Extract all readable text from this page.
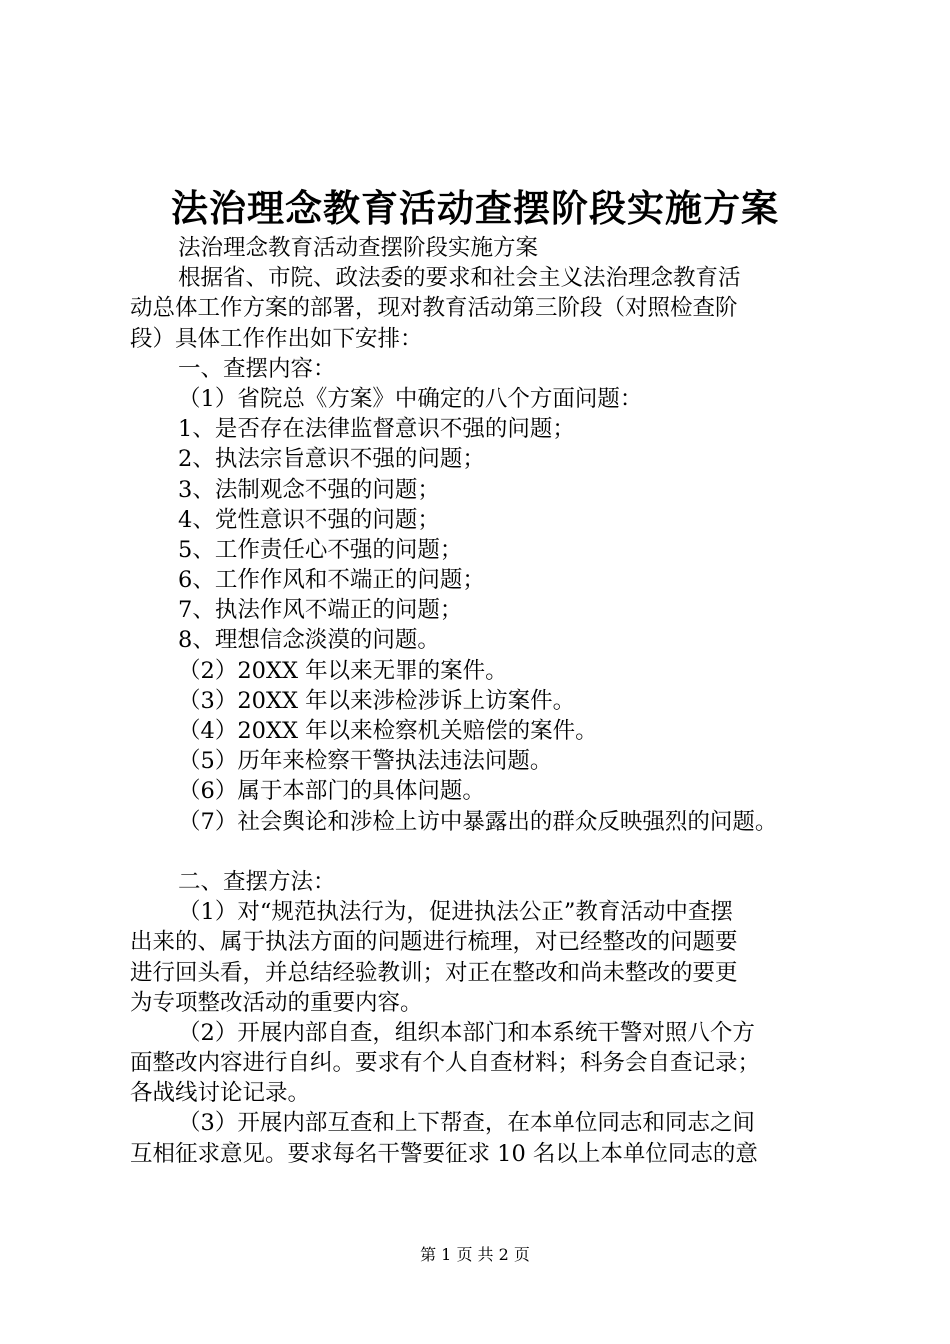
法治理念教育活动查摆阶段实施方案
法治理念教育活动查摆阶段实施方案
根据省、市院、政法委的要求和社会主义法治理念教育活
动总体工作方案的部署，现对教育活动第三阶段（对照检查阶
段）具体工作作出如下安排：
一、查摆内容：
（1）省院总《方案》中确定的八个方面问题：
1、是否存在法律监督意识不强的问题；
2、执法宗旨意识不强的问题；
3、法制观念不强的问题；
4、党性意识不强的问题；
5、工作责任心不强的问题；
6、工作作风和不端正的问题；
7、执法作风不端正的问题；
8、理想信念淡漠的问题。
（2）20XX 年以来无罪的案件。
（3）20XX 年以来涉检涉诉上访案件。
（4）20XX 年以来检察机关赔偿的案件。
（5）历年来检察干警执法违法问题。
（6）属于本部门的具体问题。
（7）社会舆论和涉检上访中暴露出的群众反映强烈的问题。
二、查摆方法：
（1）对“规范执法行为，促进执法公正”教育活动中查摆
出来的、属于执法方面的问题进行梳理，对已经整改的问题要
进行回头看，并总结经验教训；对正在整改和尚未整改的要更
为专项整改活动的重要内容。
（2）开展内部自查，组织本部门和本系统干警对照八个方
面整改内容进行自纠。要求有个人自查材料；科务会自查记录；
各战线讨论记录。
（3）开展内部互查和上下帮查，在本单位同志和同志之间
互相征求意见。要求每名干警要征求 10 名以上本单位同志的意
第 1 页 共 2 页
